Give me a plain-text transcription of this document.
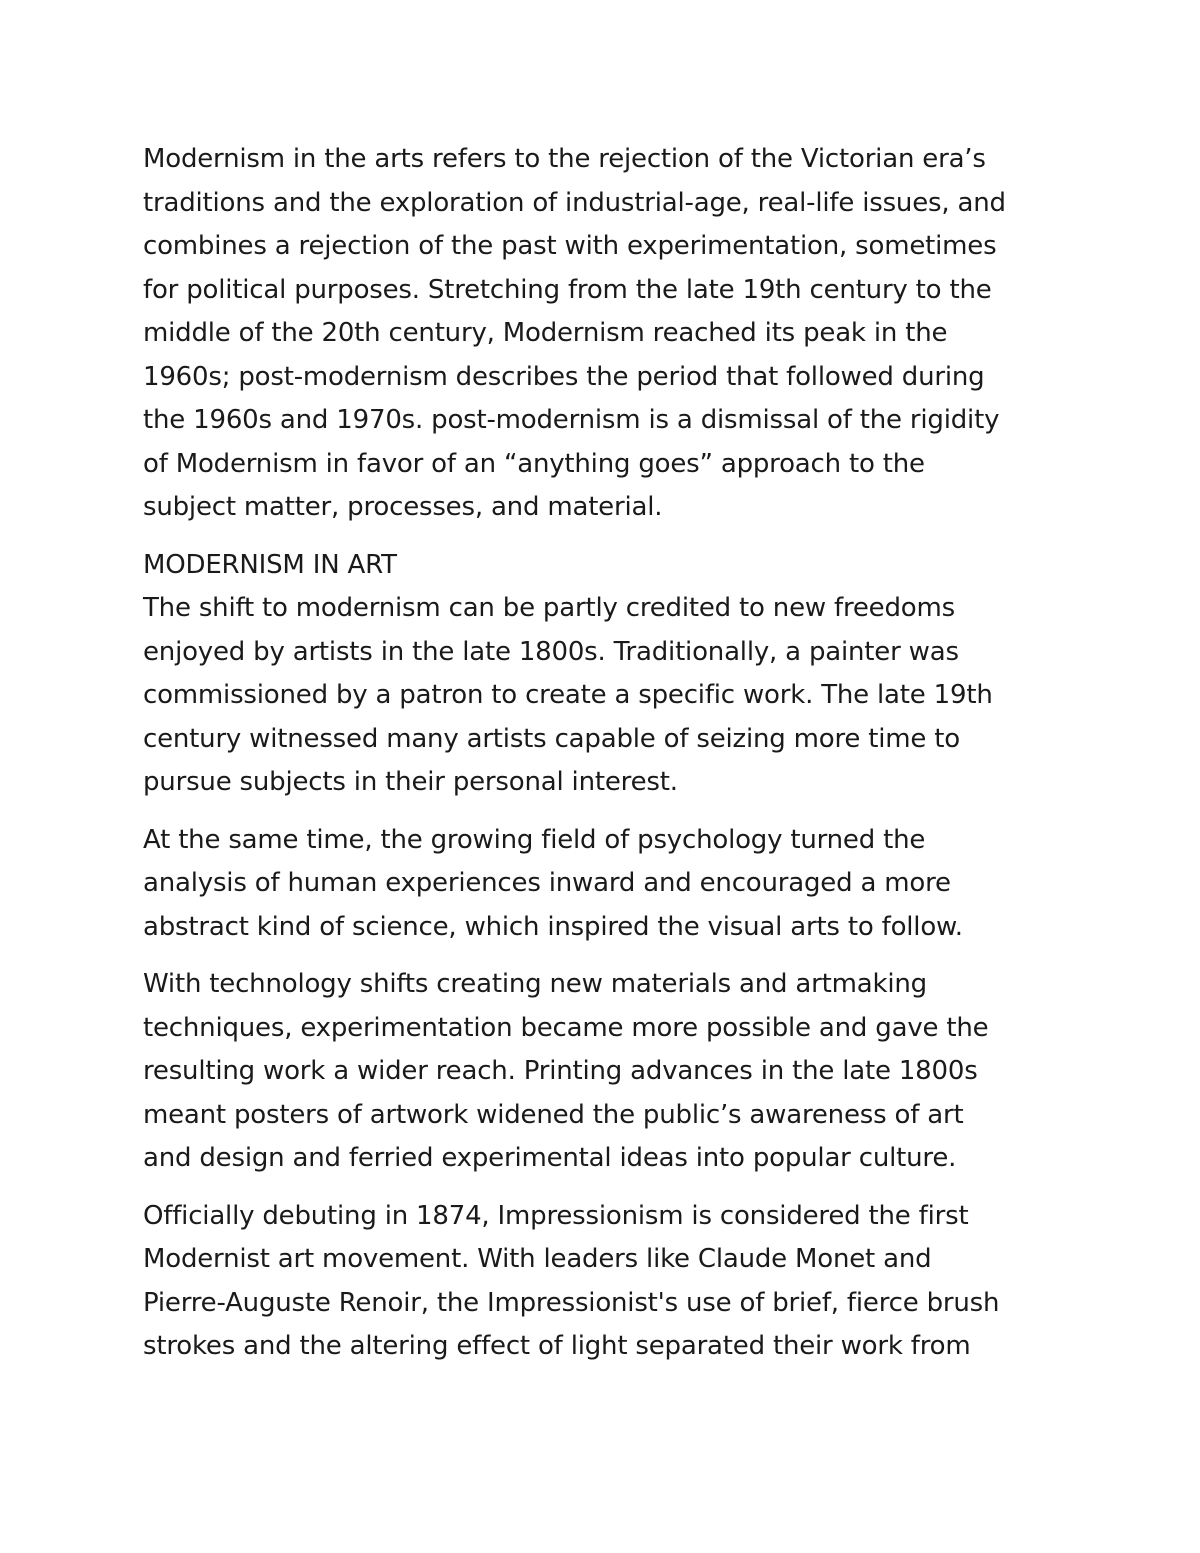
Modernism in the arts refers to the rejection of the Victorian era’s
traditions and the exploration of industrial-age, real-life issues, and
combines a rejection of the past with experimentation, sometimes
for political purposes. Stretching from the late 19th century to the
middle of the 20th century, Modernism reached its peak in the
1960s; post-modernism describes the period that followed during
the 1960s and 1970s. post-modernism is a dismissal of the rigidity
of Modernism in favor of an “anything goes” approach to the
subject matter, processes, and material.

MODERNISM IN ART

The shift to modernism can be partly credited to new freedoms
enjoyed by artists in the late 1800s. Traditionally, a painter was
commissioned by a patron to create a specific work. The late 19th
century witnessed many artists capable of seizing more time to
pursue subjects in their personal interest.

At the same time, the growing field of psychology turned the
analysis of human experiences inward and encouraged a more
abstract kind of science, which inspired the visual arts to follow.

With technology shifts creating new materials and artmaking
techniques, experimentation became more possible and gave the
resulting work a wider reach. Printing advances in the late 1800s
meant posters of artwork widened the public’s awareness of art
and design and ferried experimental ideas into popular culture.

Officially debuting in 1874, Impressionism is considered the first
Modernist art movement. With leaders like Claude Monet and
Pierre-Auguste Renoir, the Impressionist's use of brief, fierce brush
strokes and the altering effect of light separated their work from
